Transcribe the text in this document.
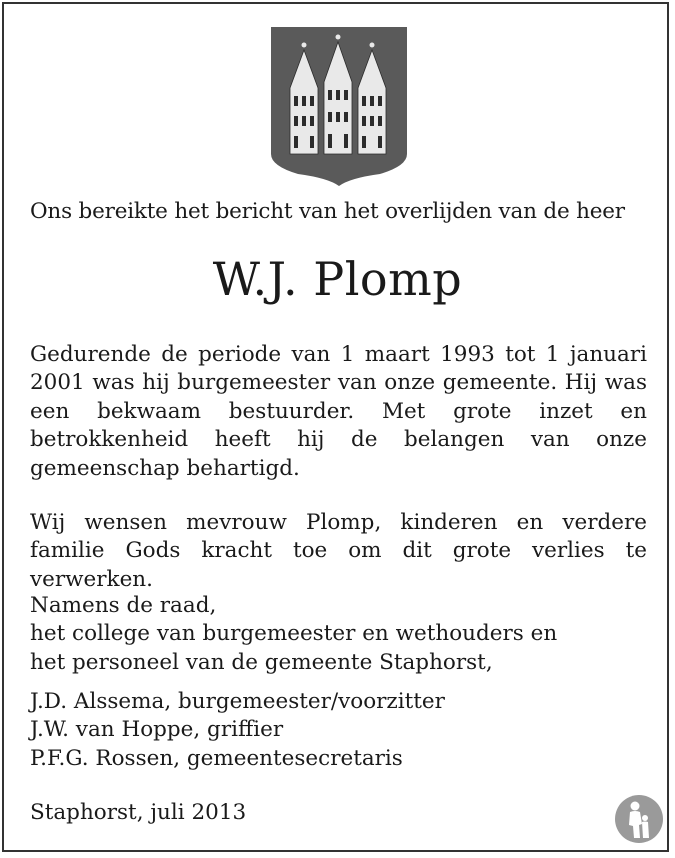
Ons bereikte het bericht van het overlijden van de heer
W.J. Plomp
Gedurende de periode van 1 maart 1993 tot 1 januari 2001 was hij burgemeester van onze gemeente. Hij was een bekwaam bestuurder. Met grote inzet en betrokkenheid heeft hij de belangen van onze gemeenschap behartigd.
Wij wensen mevrouw Plomp, kinderen en verdere familie Gods kracht toe om dit grote verlies te verwerken.
Namens de raad,
het college van burgemeester en wethouders en
het personeel van de gemeente Staphorst,
J.D. Alssema, burgemeester/voorzitter
J.W. van Hoppe, griffier
P.F.G. Rossen, gemeentesecretaris
Staphorst, juli 2013
